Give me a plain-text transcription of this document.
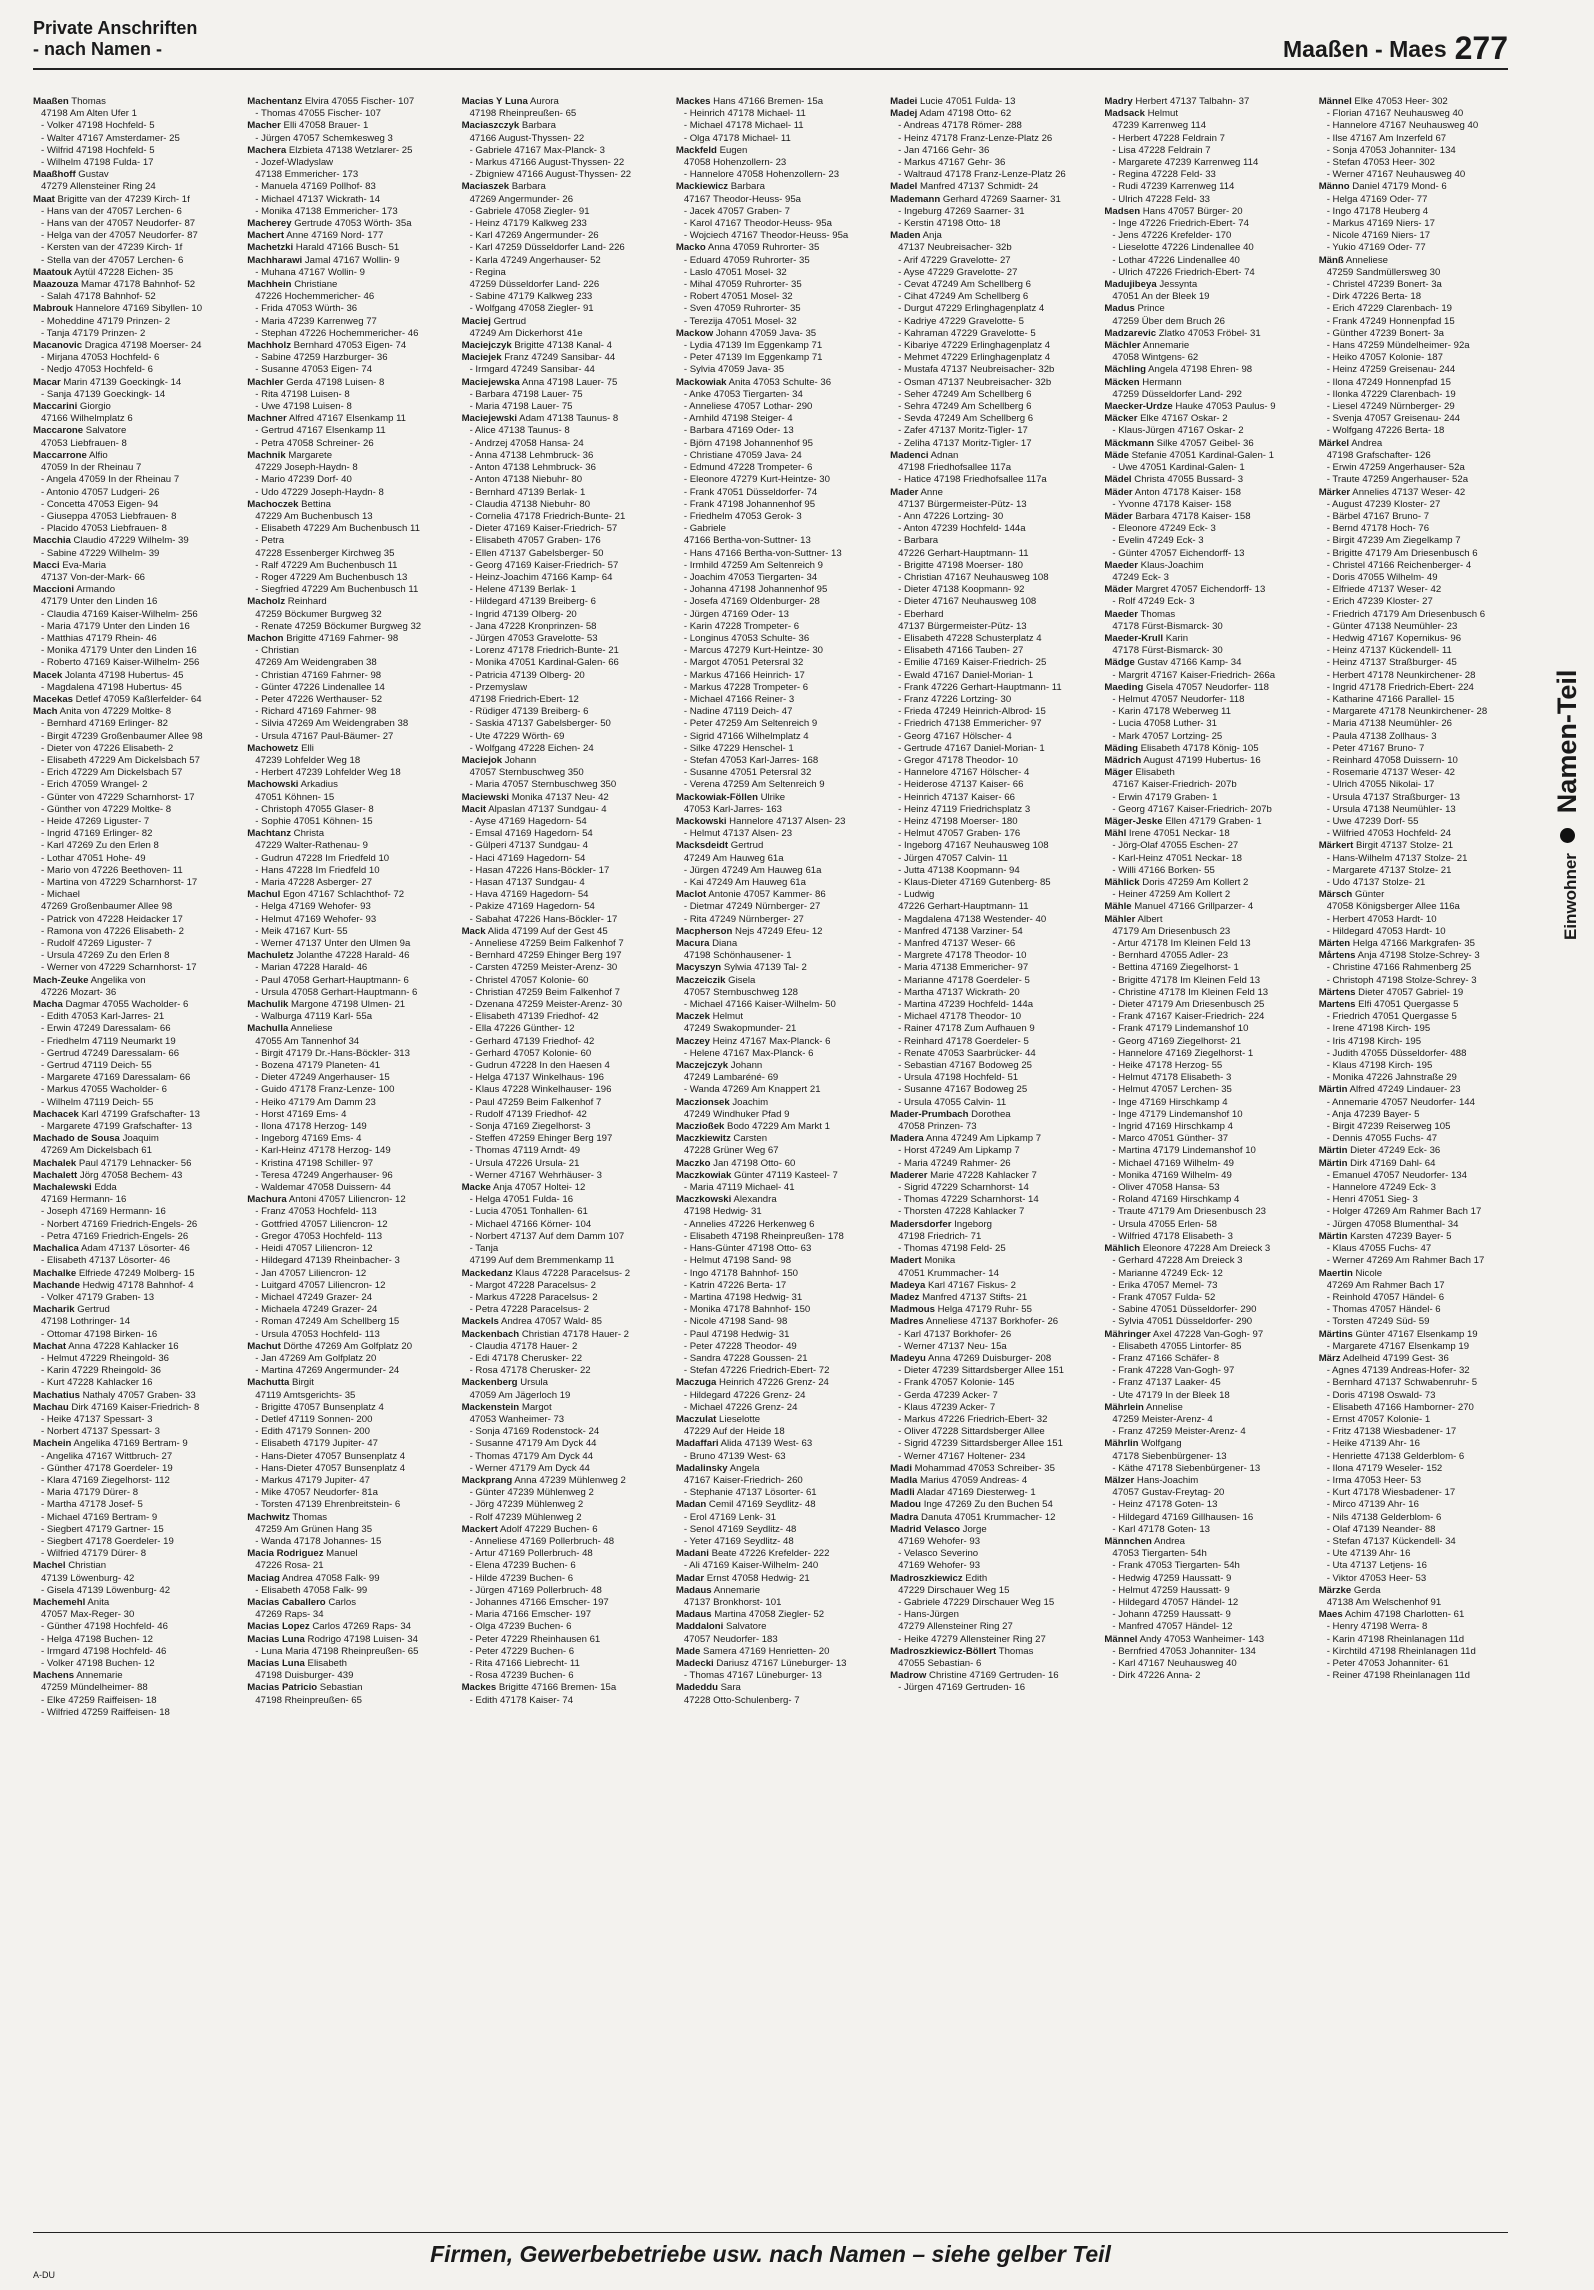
Private Anschriften
- nach Namen -	Maaßen - Maes 277
Maaßen Thomas
47198 Am Alten Ufer 1
- Volker 47198 Hochfeld- 5
- Walter 47167 Amsterdamer- 25
- Wilfrid 47198 Hochfeld- 5
- Wilhelm 47198 Fulda- 17
Maaßhoff Gustav
47279 Allensteiner Ring 24
Maat Brigitte van der 47239 Kirch- 1f
- Hans van der 47057 Lerchen- 6
- Hans van der 47057 Neudorfer- 87
- Helga van der 47057 Neudorfer- 87
- Kersten van der 47239 Kirch- 1f
- Stella van der 47057 Lerchen- 6
Maatouk Aytül 47228 Eichen- 35
Maazouza Mamar 47178 Bahnhof- 52
- Salah 47178 Bahnhof- 52
Mabrouk Hannelore 47169 Sibyllen- 10
- Moheddine 47179 Prinzen- 2
- Tanja 47179 Prinzen- 2
Macanovic Dragica 47198 Moerser- 24
- Mirjana 47053 Hochfeld- 6
- Nedjo 47053 Hochfeld- 6
Macar Marin 47139 Goeckingk- 14
- Sanja 47139 Goeckingk- 14
Maccarini Giorgio
47166 Wilhelmplatz 6
Maccarone Salvatore
47053 Liebfrauen- 8
Maccarrone Alfio
47059 In der Rheinau 7
- Angela 47059 In der Rheinau 7
- Antonio 47057 Ludgeri- 26
- Concetta 47053 Eigen- 94
- Giuseppa 47053 Liebfrauen- 8
- Placido 47053 Liebfrauen- 8
Macchia Claudio 47229 Wilhelm- 39
- Sabine 47229 Wilhelm- 39
Macci Eva-Maria
47137 Von-der-Mark- 66
Maccioni Armando
47179 Unter den Linden 16
- Claudia 47169 Kaiser-Wilhelm- 256
- Maria 47179 Unter den Linden 16
- Matthias 47179 Rhein- 46
- Monika 47179 Unter den Linden 16
- Roberto 47169 Kaiser-Wilhelm- 256
Macek Jolanta 47198 Hubertus- 45
- Magdalena 47198 Hubertus- 45
Macekas Detlef 47059 Kaßlerfelder- 64
Mach Anita von 47229 Moltke- 8
- Bernhard 47169 Erlinger- 82
- Birgit 47239 Großenbaumer Allee 98
- Dieter von 47226 Elisabeth- 2
- Elisabeth 47229 Am Dickelsbach 57
- Erich 47229 Am Dickelsbach 57
- Erich 47059 Wrangel- 2
- Günter von 47229 Scharnhorst- 17
- Günther von 47229 Moltke- 8
- Heide 47269 Liguster- 7
- Ingrid 47169 Erlinger- 82
- Karl 47269 Zu den Erlen 8
- Lothar 47051 Hohe- 49
- Mario von 47226 Beethoven- 11
- Martina von 47229 Scharnhorst- 17
- Michael
47269 Großenbaumer Allee 98
- Patrick von 47228 Heidacker 17
- Ramona von 47226 Elisabeth- 2
- Rudolf 47269 Liguster- 7
- Ursula 47269 Zu den Erlen 8
- Werner von 47229 Scharnhorst- 17
Mach-Zeuke Angelika von
47226 Mozart- 36
Macha Dagmar 47055 Wacholder- 6
- Edith 47053 Karl-Jarres- 21
- Erwin 47249 Daressalam- 66
- Friedhelm 47119 Neumarkt 19
- Gertrud 47249 Daressalam- 66
- Gertrud 47119 Deich- 55
- Margarete 47169 Daressalam- 66
- Markus 47055 Wacholder- 6
- Wilhelm 47119 Deich- 55
Machacek Karl 47199 Grafschafter- 13
- Margarete 47199 Grafschafter- 13
Machado de Sousa Joaquim
47269 Am Dickelsbach 61
Machalek Paul 47179 Lehnacker- 56
Machalett Jörg 47058 Bechem- 43
Machalewski Edda
47169 Hermann- 16
- Joseph 47169 Hermann- 16
- Norbert 47169 Friedrich-Engels- 26
- Petra 47169 Friedrich-Engels- 26
Machalica Adam 47137 Lösorter- 46
- Elisabeth 47137 Lösorter- 46
Machalke Elfriede 47249 Molberg- 15
Machande Hedwig 47178 Bahnhof- 4
- Volker 47179 Graben- 13
Macharik Gertrud
47198 Lothringer- 14
- Ottomar 47198 Birken- 16
Machat Anna 47228 Kahlacker 16
- Helmut 47229 Rheingold- 36
- Karin 47229 Rheingold- 36
- Kurt 47228 Kahlacker 16
Machatius Nathaly 47057 Graben- 33
Machau Dirk 47169 Kaiser-Friedrich- 8
- Heike 47137 Spessart- 3
- Norbert 47137 Spessart- 3
Machein Angelika 47169 Bertram- 9
- Angelika 47167 Wittbruch- 27
- Günther 47178 Goerdeler- 19
- Klara 47169 Ziegelhorst- 112
- Maria 47179 Dürer- 8
- Martha 47178 Josef- 5
- Michael 47169 Bertram- 9
- Siegbert 47179 Gartner- 15
- Siegbert 47178 Goerdeler- 19
- Wilfried 47179 Dürer- 8
Machel Christian
47139 Löwenburg- 42
- Gisela 47139 Löwenburg- 42
Machemehl Anita
47057 Max-Reger- 30
- Günther 47198 Hochfeld- 46
- Helga 47198 Buchen- 12
- Irmgard 47198 Hochfeld- 46
- Volker 47198 Buchen- 12
Machens Annemarie
47259 Mündelheimer- 88
- Elke 47259 Raiffeisen- 18
- Wilfried 47259 Raiffeisen- 18
Machentanz Elvira 47055 Fischer- 107
- Thomas 47055 Fischer- 107
Macher Elli 47058 Brauer- 1
- Jürgen 47057 Schemkesweg 3
Machera Elzbieta 47138 Wetzlarer- 25
- Jozef-Wladyslaw
47138 Emmericher- 173
- Manuela 47169 Pollhof- 83
- Michael 47137 Wickrath- 14
- Monika 47138 Emmericher- 173
Macherey Gertrude 47053 Wörth- 35a
Machert Anne 47169 Nord- 177
Machetzki Harald 47166 Busch- 51
Machharawi Jamal 47167 Wollin- 9
- Muhana 47167 Wollin- 9
Machhein Christiane
47226 Hochemmericher- 46
- Frida 47053 Würth- 36
- Maria 47239 Karrenweg 77
- Stephan 47226 Hochemmericher- 46
Machholz Bernhard 47053 Eigen- 74
- Sabine 47259 Harzburger- 36
- Susanne 47053 Eigen- 74
Machler Gerda 47198 Luisen- 8
- Rita 47198 Luisen- 8
- Uwe 47198 Luisen- 8
Machner Alfred 47167 Elsenkamp 11
- Gertrud 47167 Elsenkamp 11
- Petra 47058 Schreiner- 26
Machnik Margarete
47229 Joseph-Haydn- 8
- Mario 47239 Dorf- 40
- Udo 47229 Joseph-Haydn- 8
Machoczek Bettina
47229 Am Buchenbusch 13
- Elisabeth 47229 Am Buchenbusch 11
- Petra
47228 Essenberger Kirchweg 35
- Ralf 47229 Am Buchenbusch 11
- Roger 47229 Am Buchenbusch 13
- Siegfried 47229 Am Buchenbusch 11
Macholz Reinhard
47259 Böckumer Burgweg 32
- Renate 47259 Böckumer Burgweg 32
Machon Brigitte 47169 Fahrner- 98
- Christian
47269 Am Weidengraben 38
- Christian 47169 Fahrner- 98
- Günter 47226 Lindenallee 14
- Peter 47226 Werthauser- 52
- Richard 47169 Fahrner- 98
- Silvia 47269 Am Weidengraben 38
- Ursula 47167 Paul-Bäumer- 27
Machowetz Elli
47239 Lohfelder Weg 18
- Herbert 47239 Lohfelder Weg 18
Machowski Arkadius
47051 Köhnen- 15
- Christoph 47055 Glaser- 8
- Sophie 47051 Köhnen- 15
Machtanz Christa
47229 Walter-Rathenau- 9
- Gudrun 47228 Im Friedfeld 10
- Hans 47228 Im Friedfeld 10
- Maria 47228 Asberger- 27
Machul Egon 47167 Schlachthof- 72
- Helga 47169 Wehofer- 93
- Helmut 47169 Wehofer- 93
- Meik 47167 Kurt- 55
- Werner 47137 Unter den Ulmen 9a
Machuletz Jolanthe 47228 Harald- 46
- Marian 47228 Harald- 46
- Paul 47058 Gerhart-Hauptmann- 6
- Ursula 47058 Gerhart-Hauptmann- 6
Machulik Margone 47198 Ulmen- 21
- Walburga 47119 Karl- 55a
Machulla Anneliese
47055 Am Tannenhof 34
- Birgit 47179 Dr.-Hans-Böckler- 313
- Bozena 47179 Planeten- 41
- Dieter 47249 Angerhauser- 15
- Guido 47178 Franz-Lenze- 100
- Heiko 47179 Am Damm 23
- Horst 47169 Ems- 4
- Ilona 47178 Herzog- 149
- Ingeborg 47169 Ems- 4
- Karl-Heinz 47178 Herzog- 149
- Kristina 47198 Schiller- 97
- Teresa 47249 Angerhauser- 96
- Waldemar 47058 Duissern- 44
Machura Antoni 47057 Liliencron- 12
- Franz 47053 Hochfeld- 113
- Gottfried 47057 Liliencron- 12
- Gregor 47053 Hochfeld- 113
- Heidi 47057 Liliencron- 12
- Hildegard 47139 Rheinbacher- 3
- Jan 47057 Liliencron- 12
- Luitgard 47057 Liliencron- 12
- Michael 47249 Grazer- 24
- Michaela 47249 Grazer- 24
- Roman 47249 Am Schellberg 15
- Ursula 47053 Hochfeld- 113
Machut Dörthe 47269 Am Golfplatz 20
- Jan 47269 Am Golfplatz 20
- Martina 47269 Angermunder- 24
Machutta Birgit
47119 Amtsgerichts- 35
- Brigitte 47057 Bunsenplatz 4
- Detlef 47119 Sonnen- 200
- Edith 47179 Sonnen- 200
- Elisabeth 47179 Jupiter- 47
- Hans-Dieter 47057 Bunsenplatz 4
- Hans-Dieter 47057 Bunsenplatz 4
- Markus 47179 Jupiter- 47
- Mike 47057 Neudorfer- 81a
- Torsten 47139 Ehrenbreitstein- 6
Machwitz Thomas
47259 Am Grünen Hang 35
- Wanda 47178 Johannes- 15
Macia Rodriguez Manuel
47226 Rosa- 21
Maciag Andrea 47058 Falk- 99
- Elisabeth 47058 Falk- 99
Macias Caballero Carlos
47269 Raps- 34
Macias Lopez Carlos 47269 Raps- 34
Macias Luna Rodrigo 47198 Luisen- 34
- Luna Maria 47198 Rheinpreußen- 65
Macias Luna Elisabeth
47198 Duisburger- 439
Macias Patricio Sebastian
47198 Rheinpreußen- 65
Macias Y Luna Aurora
47198 Rheinpreußen- 65
Maciaszczyk Barbara
47166 August-Thyssen- 22
- Gabriele 47167 Max-Planck- 3
- Markus 47166 August-Thyssen- 22
- Zbigniew 47166 August-Thyssen- 22
Maciaszek Barbara
47269 Angermunder- 26
- Gabriele 47058 Ziegler- 91
- Heinz 47179 Kalkweg 233
- Karl 47269 Angermunder- 26
- Karl 47259 Düsseldorfer Land- 226
- Karla 47249 Angerhauser- 52
- Regina
47259 Düsseldorfer Land- 226
- Sabine 47179 Kalkweg 233
- Wolfgang 47058 Ziegler- 91
Maciej Gertrud
47249 Am Dickerhorst 41e
Maciejczyk Brigitte 47138 Kanal- 4
Maciejek Franz 47249 Sansibar- 44
- Irmgard 47249 Sansibar- 44
Maciejewska Anna 47198 Lauer- 75
- Barbara 47198 Lauer- 75
- Maria 47198 Lauer- 75
Maciejewski Adam 47138 Taunus- 8
- Alice 47138 Taunus- 8
- Andrzej 47058 Hansa- 24
- Anna 47138 Lehmbruck- 36
- Anton 47138 Lehmbruck- 36
- Anton 47138 Niebuhr- 80
- Bernhard 47139 Berlak- 1
- Claudia 47138 Niebuhr- 80
- Cornelia 47178 Friedrich-Bunte- 21
- Dieter 47169 Kaiser-Friedrich- 57
- Elisabeth 47057 Graben- 176
- Ellen 47137 Gabelsberger- 50
- Georg 47169 Kaiser-Friedrich- 57
- Heinz-Joachim 47166 Kamp- 64
- Helene 47139 Berlak- 1
- Hildegard 47139 Breiberg- 6
- Ingrid 47139 Olberg- 20
- Jana 47228 Kronprinzen- 58
- Jürgen 47053 Gravelotte- 53
- Lorenz 47178 Friedrich-Bunte- 21
- Monika 47051 Kardinal-Galen- 66
- Patricia 47139 Olberg- 20
- Przemyslaw
47198 Friedrich-Ebert- 12
- Rüdiger 47139 Breiberg- 6
- Saskia 47137 Gabelsberger- 50
- Ute 47229 Wörth- 69
- Wolfgang 47228 Eichen- 24
Maciejok Johann
47057 Sternbuschweg 350
- Maria 47057 Sternbuschweg 350
Maciewski Monika 47137 Neu- 42
Macit Alpaslan 47137 Sundgau- 4
- Ayse 47169 Hagedorn- 54
- Emsal 47169 Hagedorn- 54
- Gülperi 47137 Sundgau- 4
- Haci 47169 Hagedorn- 54
- Hasan 47226 Hans-Böckler- 17
- Hasan 47137 Sundgau- 4
- Hava 47169 Hagedorn- 54
- Pakize 47169 Hagedorn- 54
- Sabahat 47226 Hans-Böckler- 17
Mack Alida 47199 Auf der Gest 45
- Anneliese 47259 Beim Falkenhof 7
- Bernhard 47259 Ehinger Berg 197
- Carsten 47259 Meister-Arenz- 30
- Christel 47057 Kolonie- 60
- Christian 47259 Beim Falkenhof 7
- Dzenana 47259 Meister-Arenz- 30
- Elisabeth 47139 Friedhof- 42
- Ella 47226 Günther- 12
- Gerhard 47139 Friedhof- 42
- Gerhard 47057 Kolonie- 60
- Gudrun 47228 In den Haesen 4
- Helga 47137 Winkelhaus- 196
- Klaus 47228 Winkelhauser- 196
- Paul 47259 Beim Falkenhof 7
- Rudolf 47139 Friedhof- 42
- Sonja 47169 Ziegelhorst- 3
- Steffen 47259 Ehinger Berg 197
- Thomas 47119 Arndt- 49
- Ursula 47226 Ursula- 21
- Werner 47167 Wehrhäuser- 3
Macke Anja 47057 Holtei- 12
- Helga 47051 Fulda- 16
- Lucia 47051 Tonhallen- 61
- Michael 47166 Körner- 104
- Norbert 47137 Auf dem Damm 107
- Tanja
47199 Auf dem Bremmenkamp 11
Mackedanz Klaus 47228 Paracelsus- 2
- Margot 47228 Paracelsus- 2
- Markus 47228 Paracelsus- 2
- Petra 47228 Paracelsus- 2
Mackels Andrea 47057 Wald- 85
Mackenbach Christian 47178 Hauer- 2
- Claudia 47178 Hauer- 2
- Edi 47178 Cherusker- 22
- Rosa 47178 Cherusker- 22
Mackenberg Ursula
47059 Am Jägerloch 19
Mackenstein Margot
47053 Wanheimer- 73
- Sonja 47169 Rodenstock- 24
- Susanne 47179 Am Dyck 44
- Thomas 47179 Am Dyck 44
- Werner 47179 Am Dyck 44
Mackprang Anna 47239 Mühlenweg 2
- Günter 47239 Mühlenweg 2
- Jörg 47239 Mühlenweg 2
- Rolf 47239 Mühlenweg 2
Mackert Adolf 47229 Buchen- 6
- Anneliese 47169 Pollerbruch- 48
- Artur 47169 Pollerbruch- 48
- Elena 47239 Buchen- 6
- Hilde 47239 Buchen- 6
- Jürgen 47169 Pollerbruch- 48
- Johannes 47166 Emscher- 197
- Maria 47166 Emscher- 197
- Olga 47239 Buchen- 6
- Peter 47229 Rheinhausen 61
- Peter 47229 Buchen- 6
- Rita 47166 Liebrecht- 11
- Rosa 47239 Buchen- 6
Mackes Brigitte 47166 Bremen- 15a
- Edith 47178 Kaiser- 74
Mackes Hans 47166 Bremen- 15a
- Heinrich 47178 Michael- 11
- Michael 47178 Michael- 11
- Olga 47178 Michael- 11
Mackfeld Eugen
47058 Hohenzollern- 23
- Hannelore 47058 Hohenzollern- 23
Mackiewicz Barbara
47167 Theodor-Heuss- 95a
- Jacek 47057 Graben- 7
- Karol 47167 Theodor-Heuss- 95a
- Wojciech 47167 Theodor-Heuss- 95a
Macko Anna 47059 Ruhrorter- 35
- Eduard 47059 Ruhrorter- 35
- Laslo 47051 Mosel- 32
- Mihal 47059 Ruhrorter- 35
- Robert 47051 Mosel- 32
- Sven 47059 Ruhrorter- 35
- Terezija 47051 Mosel- 32
Mackow Johann 47059 Java- 35
- Lydia 47139 Im Eggenkamp 71
- Peter 47139 Im Eggenkamp 71
- Sylvia 47059 Java- 35
Mackowiak Anita 47053 Schulte- 36
- Anke 47053 Tiergarten- 34
- Anneliese 47057 Lothar- 290
- Arnhild 47198 Steiger- 4
- Barbara 47169 Oder- 13
- Björn 47198 Johannenhof 95
- Christiane 47059 Java- 24
- Edmund 47228 Trompeter- 6
- Eleonore 47279 Kurt-Heintze- 30
- Frank 47051 Düsseldorfer- 74
- Frank 47198 Johannenhof 95
- Friedhelm 47053 Gerok- 3
- Gabriele
47166 Bertha-von-Suttner- 13
- Hans 47166 Bertha-von-Suttner- 13
- Irmhild 47259 Am Seltenreich 9
- Joachim 47053 Tiergarten- 34
- Johanna 47198 Johannenhof 95
- Josefa 47169 Oldenburger- 28
- Jürgen 47169 Oder- 13
- Karin 47228 Trompeter- 6
- Longinus 47053 Schulte- 36
- Marcus 47279 Kurt-Heintze- 30
- Margot 47051 Petersral 32
- Markus 47166 Heinrich- 17
- Markus 47228 Trompeter- 6
- Michael 47166 Reiner- 3
- Nadine 47119 Deich- 47
- Peter 47259 Am Seltenreich 9
- Sigrid 47166 Wilhelmplatz 4
- Silke 47229 Henschel- 1
- Stefan 47053 Karl-Jarres- 168
- Susanne 47051 Petersral 32
- Verena 47259 Am Seltenreich 9
Mackowiak-Föllen Ulrike
47053 Karl-Jarres- 163
Mackowski Hannelore 47137 Alsen- 23
- Helmut 47137 Alsen- 23
Macksdeidt Gertrud
47249 Am Hauweg 61a
- Jürgen 47249 Am Hauweg 61a
- Kai 47249 Am Hauweg 61a
Maclot Antonie 47057 Kammer- 86
- Dietmar 47249 Nürnberger- 27
- Rita 47249 Nürnberger- 27
Macpherson Nejs 47249 Efeu- 12
Macura Diana
47198 Schönhausener- 1
Macyszyn Sylwia 47139 Tal- 2
Maczeiczik Gisela
47057 Sternbuschweg 128
- Michael 47166 Kaiser-Wilhelm- 50
Maczek Helmut
47249 Swakopmunder- 21
Maczey Heinz 47167 Max-Planck- 6
- Helene 47167 Max-Planck- 6
Maczejczyk Johann
47249 Lambaréné- 69
- Wanda 47269 Am Knappert 21
Maczionsek Joachim
47249 Windhuker Pfad 9
Maczioßek Bodo 47229 Am Markt 1
Maczkiewitz Carsten
47228 Grüner Weg 67
Maczko Jan 47198 Otto- 60
Maczkowiak Günter 47119 Kasteel- 7
- Maria 47119 Michael- 41
Maczkowski Alexandra
47198 Hedwig- 31
- Annelies 47226 Herkenweg 6
- Elisabeth 47198 Rheinpreußen- 178
- Hans-Günter 47198 Otto- 63
- Helmut 47198 Sand- 98
- Ingo 47178 Bahnhof- 150
- Katrin 47226 Berta- 17
- Martina 47198 Hedwig- 31
- Monika 47178 Bahnhof- 150
- Nicole 47198 Sand- 98
- Paul 47198 Hedwig- 31
- Peter 47228 Theodor- 49
- Sandra 47228 Goussen- 21
- Stefan 47226 Friedrich-Ebert- 72
Maczuga Heinrich 47226 Grenz- 24
- Hildegard 47226 Grenz- 24
- Michael 47226 Grenz- 24
Maczulat Lieselotte
47229 Auf der Heide 18
Madaffari Alida 47139 West- 63
- Bruno 47139 West- 63
Madalinsky Angela
47167 Kaiser-Friedrich- 260
- Stephanie 47137 Lösorter- 61
Madan Cemil 47169 Seydlitz- 48
- Erol 47169 Lenk- 31
- Senol 47169 Seydlitz- 48
- Yeter 47169 Seydlitz- 48
Madani Beate 47226 Krefelder- 222
- Ali 47169 Kaiser-Wilhelm- 240
Madar Ernst 47058 Hedwig- 21
Madaus Annemarie
47137 Bronkhorst- 101
Madaus Martina 47058 Ziegler- 52
Maddaloni Salvatore
47057 Neudorfer- 183
Made Samera 47169 Henrietten- 20
Madecki Dariusz 47167 Lüneburger- 13
- Thomas 47167 Lüneburger- 13
Madeddu Sara
47228 Otto-Schulenberg- 7
Madei Lucie 47051 Fulda- 13
Madej Adam 47198 Otto- 62
- Andreas 47178 Römer- 288
- Heinz 47178 Franz-Lenze-Platz 26
- Jan 47166 Gehr- 36
- Markus 47167 Gehr- 36
- Waltraud 47178 Franz-Lenze-Platz 26
Madel Manfred 47137 Schmidt- 24
Mademann Gerhard 47269 Saarner- 31
- Ingeburg 47269 Saarner- 31
- Kerstin 47198 Otto- 18
Maden Anja
47137 Neubreisacher- 32b
- Arif 47229 Gravelotte- 27
- Ayse 47229 Gravelotte- 27
- Cevat 47249 Am Schellberg 6
- Cihat 47249 Am Schellberg 6
- Durgut 47229 Erlinghagenplatz 4
- Kadriye 47229 Gravelotte- 5
- Kahraman 47229 Gravelotte- 5
- Kibariye 47229 Erlinghagenplatz 4
- Mehmet 47229 Erlinghagenplatz 4
- Mustafa 47137 Neubreisacher- 32b
- Osman 47137 Neubreisacher- 32b
- Seher 47249 Am Schellberg 6
- Sehra 47249 Am Schellberg 6
- Sevda 47249 Am Schellberg 6
- Zafer 47137 Moritz-Tigler- 17
- Zeliha 47137 Moritz-Tigler- 17
Madenci Adnan
47198 Friedhofsallee 117a
- Hatice 47198 Friedhofsallee 117a
Mader Anne
47137 Bürgermeister-Pütz- 13
- Ann 47226 Lortzing- 30
- Anton 47239 Hochfeld- 144a
- Barbara
47226 Gerhart-Hauptmann- 11
- Brigitte 47198 Moerser- 180
- Christian 47167 Neuhausweg 108
- Dieter 47138 Koopmann- 92
- Dieter 47167 Neuhausweg 108
- Eberhard
47137 Bürgermeister-Pütz- 13
- Elisabeth 47228 Schusterplatz 4
- Elisabeth 47166 Tauben- 27
- Emilie 47169 Kaiser-Friedrich- 25
- Ewald 47167 Daniel-Morian- 1
- Frank 47226 Gerhart-Hauptmann- 11
- Franz 47226 Lortzing- 30
- Frieda 47249 Heinrich-Albrod- 15
- Friedrich 47138 Emmericher- 97
- Georg 47167 Hölscher- 4
- Gertrude 47167 Daniel-Morian- 1
- Gregor 47178 Theodor- 10
- Hannelore 47167 Hölscher- 4
- Heiderose 47137 Kaiser- 66
- Heinrich 47137 Kaiser- 66
- Heinz 47119 Friedrichsplatz 3
- Heinz 47198 Moerser- 180
- Helmut 47057 Graben- 176
- Ingeborg 47167 Neuhausweg 108
- Jürgen 47057 Calvin- 11
- Jutta 47138 Koopmann- 94
- Klaus-Dieter 47169 Gutenberg- 85
- Ludwig
47226 Gerhart-Hauptmann- 11
- Magdalena 47138 Westender- 40
- Manfred 47138 Varziner- 54
- Manfred 47137 Weser- 66
- Margrete 47178 Theodor- 10
- Maria 47138 Emmericher- 97
- Marianne 47178 Goerdeler- 5
- Martha 47137 Wickrath- 20
- Martina 47239 Hochfeld- 144a
- Michael 47178 Theodor- 10
- Rainer 47178 Zum Aufhauen 9
- Reinhard 47178 Goerdeler- 5
- Renate 47053 Saarbrücker- 44
- Sebastian 47167 Bodoweg 25
- Ursula 47198 Hochfeld- 51
- Susanne 47167 Bodoweg 25
- Ursula 47055 Calvin- 11
Mader-Prumbach Dorothea
47058 Prinzen- 73
Madera Anna 47249 Am Lipkamp 7
- Horst 47249 Am Lipkamp 7
- Maria 47249 Rahmer- 26
Maderer Marie 47228 Kahlacker 7
- Sigrid 47229 Scharnhorst- 14
- Thomas 47229 Scharnhorst- 14
- Thorsten 47228 Kahlacker 7
Madersdorfer Ingeborg
47198 Friedrich- 71
- Thomas 47198 Feld- 25
Madert Monika
47051 Krummacher- 14
Madeya Karl 47167 Fiskus- 2
Madez Manfred 47137 Stifts- 21
Madmous Helga 47179 Ruhr- 55
Madres Anneliese 47137 Borkhofer- 26
- Karl 47137 Borkhofer- 26
- Werner 47137 Neu- 15a
Madeyu Anna 47269 Duisburger- 208
- Dieter 47239 Sittardsberger Allee 151
- Frank 47057 Kolonie- 145
- Gerda 47239 Acker- 7
- Klaus 47239 Acker- 7
- Markus 47226 Friedrich-Ebert- 32
- Oliver 47228 Sittardsberger Allee
- Sigrid 47239 Sittardsberger Allee 151
- Werner 47167 Holtener- 234
Madi Mohammad 47053 Schreiber- 35
Madla Marius 47059 Andreas- 4
Madli Aladar 47169 Diesterweg- 1
Madou Inge 47269 Zu den Buchen 54
Madra Danuta 47051 Krummacher- 12
Madrid Velasco Jorge
47169 Wehofer- 93
- Velasco Severino
47169 Wehofer- 93
Madroszkiewicz Edith
47229 Dirschauer Weg 15
- Gabriele 47229 Dirschauer Weg 15
- Hans-Jürgen
47279 Allensteiner Ring 27
- Heike 47279 Allensteiner Ring 27
Madroszkiewicz-Böllert Thomas
47055 Sebastian- 6
Madrow Christine 47169 Gertruden- 16
- Jürgen 47169 Gertruden- 16
Madry Herbert 47137 Talbahn- 37
Madsack Helmut
47239 Karrenweg 114
- Herbert 47228 Feldrain 7
- Lisa 47228 Feldrain 7
- Margarete 47239 Karrenweg 114
- Regina 47228 Feld- 33
- Rudi 47239 Karrenweg 114
- Ulrich 47228 Feld- 33
Madsen Hans 47057 Bürger- 20
- Inge 47226 Friedrich-Ebert- 74
- Jens 47226 Krefelder- 170
- Lieselotte 47226 Lindenallee 40
- Lothar 47226 Lindenallee 40
- Ulrich 47226 Friedrich-Ebert- 74
Madujibeya Jessynta
47051 An der Bleek 19
Madus Prince
47259 Über dem Bruch 26
Madzarevic Zlatko 47053 Fröbel- 31
Mächler Annemarie
47058 Wintgens- 62
Mächling Angela 47198 Ehren- 98
Mäcken Hermann
47259 Düsseldorfer Land- 292
Maecker-Urdze Hauke 47053 Paulus- 9
Mäcker Elke 47167 Oskar- 2
- Klaus-Jürgen 47167 Oskar- 2
Mäckmann Silke 47057 Geibel- 36
Mäde Stefanie 47051 Kardinal-Galen- 1
- Uwe 47051 Kardinal-Galen- 1
Mädel Christa 47055 Bussard- 3
Mäder Anton 47178 Kaiser- 158
- Yvonne 47178 Kaiser- 158
Mäder Barbara 47178 Kaiser- 158
- Eleonore 47249 Eck- 3
- Evelin 47249 Eck- 3
- Günter 47057 Eichendorff- 13
Maeder Klaus-Joachim
47249 Eck- 3
Mäder Margret 47057 Eichendorff- 13
- Rolf 47249 Eck- 3
Maeder Thomas
47178 Fürst-Bismarck- 30
Maeder-Krull Karin
47178 Fürst-Bismarck- 30
Mädge Gustav 47166 Kamp- 34
- Margrit 47167 Kaiser-Friedrich- 266a
Maeding Gisela 47057 Neudorfer- 118
- Helmut 47057 Neudorfer- 118
- Karin 47178 Weberweg 11
- Lucia 47058 Luther- 31
- Mark 47057 Lortzing- 25
Mäding Elisabeth 47178 König- 105
Mädrich August 47199 Hubertus- 16
Mäger Elisabeth
47167 Kaiser-Friedrich- 207b
- Erwin 47179 Graben- 1
- Georg 47167 Kaiser-Friedrich- 207b
Mäger-Jeske Ellen 47179 Graben- 1
Mähl Irene 47051 Neckar- 18
- Jörg-Olaf 47055 Eschen- 27
- Karl-Heinz 47051 Neckar- 18
- Willi 47166 Borken- 55
Mählick Doris 47259 Am Kollert 2
- Heiner 47259 Am Kollert 2
Mähle Manuel 47166 Grillparzer- 4
Mähler Albert
47179 Am Driesenbusch 23
- Artur 47178 Im Kleinen Feld 13
- Bernhard 47055 Adler- 23
- Bettina 47169 Ziegelhorst- 1
- Brigitte 47178 Im Kleinen Feld 13
- Christine 47178 Im Kleinen Feld 13
- Dieter 47179 Am Driesenbusch 25
- Frank 47167 Kaiser-Friedrich- 224
- Frank 47179 Lindemanshof 10
- Georg 47169 Ziegelhorst- 21
- Hannelore 47169 Ziegelhorst- 1
- Heike 47178 Herzog- 55
- Helmut 47178 Elisabeth- 3
- Helmut 47057 Lerchen- 35
- Inge 47169 Hirschkamp 4
- Inge 47179 Lindemanshof 10
- Ingrid 47169 Hirschkamp 4
- Marco 47051 Günther- 37
- Martina 47179 Lindemanshof 10
- Michael 47169 Wilhelm- 49
- Monika 47169 Wilhelm- 49
- Oliver 47058 Hansa- 53
- Roland 47169 Hirschkamp 4
- Traute 47179 Am Driesenbusch 23
- Ursula 47055 Erlen- 58
- Wilfried 47178 Elisabeth- 3
Mählich Eleonore 47228 Am Dreieck 3
- Gerhard 47228 Am Dreieck 3
- Marianne 47249 Eck- 12
- Erika 47057 Memel- 73
- Frank 47057 Fulda- 52
- Sabine 47051 Düsseldorfer- 290
- Sylvia 47051 Düsseldorfer- 290
Mähringer Axel 47228 Van-Gogh- 97
- Elisabeth 47055 Lintorfer- 85
- Franz 47166 Schäfer- 8
- Frank 47228 Van-Gogh- 97
- Franz 47137 Laaker- 45
- Ute 47179 In der Bleek 18
Mährlein Annelise
47259 Meister-Arenz- 4
- Franz 47259 Meister-Arenz- 4
Mährlin Wolfgang
47178 Siebenbürgener- 13
- Käthe 47178 Siebenbürgener- 13
Mälzer Hans-Joachim
47057 Gustav-Freytag- 20
- Heinz 47178 Goten- 13
- Hildegard 47169 Gillhausen- 16
- Karl 47178 Goten- 13
Männchen Andrea
47053 Tiergarten- 54h
- Frank 47053 Tiergarten- 54h
- Hedwig 47259 Haussatt- 9
- Helmut 47259 Haussatt- 9
- Hildegard 47057 Händel- 12
- Johann 47259 Haussatt- 9
- Manfred 47057 Händel- 12
Männel Andy 47053 Wanheimer- 143
- Bernfried 47053 Johanniter- 134
- Karl 47167 Neuhausweg 40
- Dirk 47226 Anna- 2
Männel Elke 47053 Heer- 302
- Florian 47167 Neuhausweg 40
- Hannelore 47167 Neuhausweg 40
- Ilse 47167 Am Inzerfeld 67
- Sonja 47053 Johanniter- 134
- Stefan 47053 Heer- 302
- Werner 47167 Neuhausweg 40
Männo Daniel 47179 Mond- 6
- Helga 47169 Oder- 77
- Ingo 47178 Heuberg 4
- Markus 47169 Niers- 17
- Nicole 47169 Niers- 17
- Yukio 47169 Oder- 77
Mänß Anneliese
47259 Sandmüllersweg 30
- Christel 47239 Bonert- 3a
- Dirk 47226 Berta- 18
- Erich 47229 Clarenbach- 19
- Frank 47249 Honnenpfad 15
- Günther 47239 Bonert- 3a
- Hans 47259 Mündelheimer- 92a
- Heiko 47057 Kolonie- 187
- Heinz 47259 Greisenau- 244
- Ilona 47249 Honnenpfad 15
- Ilonka 47229 Clarenbach- 19
- Liesel 47249 Nürnberger- 29
- Svenja 47057 Greisenau- 244
- Wolfgang 47226 Berta- 18
Märkel Andrea
47198 Grafschafter- 126
- Erwin 47259 Angerhauser- 52a
- Traute 47259 Angerhauser- 52a
Märker Annelies 47137 Weser- 42
- August 47239 Kloster- 27
- Bärbel 47167 Bruno- 7
- Bernd 47178 Hoch- 76
- Birgit 47239 Am Ziegelkamp 7
- Brigitte 47179 Am Driesenbusch 6
- Christel 47166 Reichenberger- 4
- Doris 47055 Wilhelm- 49
- Elfriede 47137 Weser- 42
- Erich 47239 Kloster- 27
- Friedrich 47179 Am Driesenbusch 6
- Günter 47138 Neumühler- 23
- Hedwig 47167 Kopernikus- 96
- Heinz 47137 Kückendell- 11
- Heinz 47137 Straßburger- 45
- Herbert 47178 Neunkirchener- 28
- Ingrid 47178 Friedrich-Ebert- 224
- Katharine 47166 Parallel- 15
- Margarete 47178 Neunkirchener- 28
- Maria 47138 Neumühler- 26
- Paula 47138 Zollhaus- 3
- Peter 47167 Bruno- 7
- Reinhard 47058 Duissern- 10
- Rosemarie 47137 Weser- 42
- Ulrich 47055 Nikolai- 17
- Ursula 47137 Straßburger- 13
- Ursula 47138 Neumühler- 13
- Uwe 47239 Dorf- 55
- Wilfried 47053 Hochfeld- 24
Märkert Birgit 47137 Stolze- 21
- Hans-Wilhelm 47137 Stolze- 21
- Margarete 47137 Stolze- 21
- Udo 47137 Stolze- 21
Märsch Günter
47058 Königsberger Allee 116a
- Herbert 47053 Hardt- 10
- Hildegard 47053 Hardt- 10
Märten Helga 47166 Markgrafen- 35
Mårtens Anja 47198 Stolze-Schrey- 3
- Christine 47166 Rahmenberg 25
- Christoph 47198 Stolze-Schrey- 3
Märtens Dieter 47057 Gabriel- 19
Martens Elfi 47051 Quergasse 5
- Friedrich 47051 Quergasse 5
- Irene 47198 Kirch- 195
- Iris 47198 Kirch- 195
- Judith 47055 Düsseldorfer- 488
- Klaus 47198 Kirch- 195
- Monika 47226 Jahnstraße 29
Märtin Alfred 47249 Lindauer- 23
- Annemarie 47057 Neudorfer- 144
- Anja 47239 Bayer- 5
- Birgit 47239 Reiserweg 105
- Dennis 47055 Fuchs- 47
Märtin Dieter 47249 Eck- 36
Märtin Dirk 47169 Dahl- 64
- Emanuel 47057 Neudorfer- 134
- Hannelore 47249 Eck- 3
- Henri 47051 Sieg- 3
- Holger 47269 Am Rahmer Bach 17
- Jürgen 47058 Blumenthal- 34
Märtin Karsten 47239 Bayer- 5
- Klaus 47055 Fuchs- 47
- Werner 47269 Am Rahmer Bach 17
Maertin Nicole
47269 Am Rahmer Bach 17
- Reinhold 47057 Händel- 6
- Thomas 47057 Händel- 6
- Torsten 47249 Süd- 59
Märtins Günter 47167 Elsenkamp 19
- Margarete 47167 Elsenkamp 19
März Adelheid 47199 Gest- 36
- Agnes 47139 Andreas-Hofer- 32
- Bernhard 47137 Schwabenruhr- 5
- Doris 47198 Oswald- 73
- Elisabeth 47166 Hamborner- 270
- Ernst 47057 Kolonie- 1
- Fritz 47138 Wiesbadener- 17
- Heike 47139 Ahr- 16
- Henriette 47138 Gelderblom- 6
- Ilona 47179 Weseler- 152
- Irma 47053 Heer- 53
- Kurt 47178 Wiesbadener- 17
- Mirco 47139 Ahr- 16
- Nils 47138 Gelderblom- 6
- Olaf 47139 Neander- 88
- Stefan 47137 Kückendell- 34
- Ute 47139 Ahr- 16
- Uta 47137 Letjens- 16
- Viktor 47053 Heer- 53
Märzke Gerda
47138 Am Welschenhof 91
Maes Achim 47198 Charlotten- 61
- Henry 47198 Werra- 8
- Karin 47198 Rheinlanagen 11d
- Kirchtild 47198 Rheinlanagen 11d
- Peter 47053 Johanniter- 61
- Reiner 47198 Rheinlanagen 11d
Einwohner  Namen-Teil
Firmen, Gewerbebetriebe usw. nach Namen – siehe gelber Teil
A-DU
